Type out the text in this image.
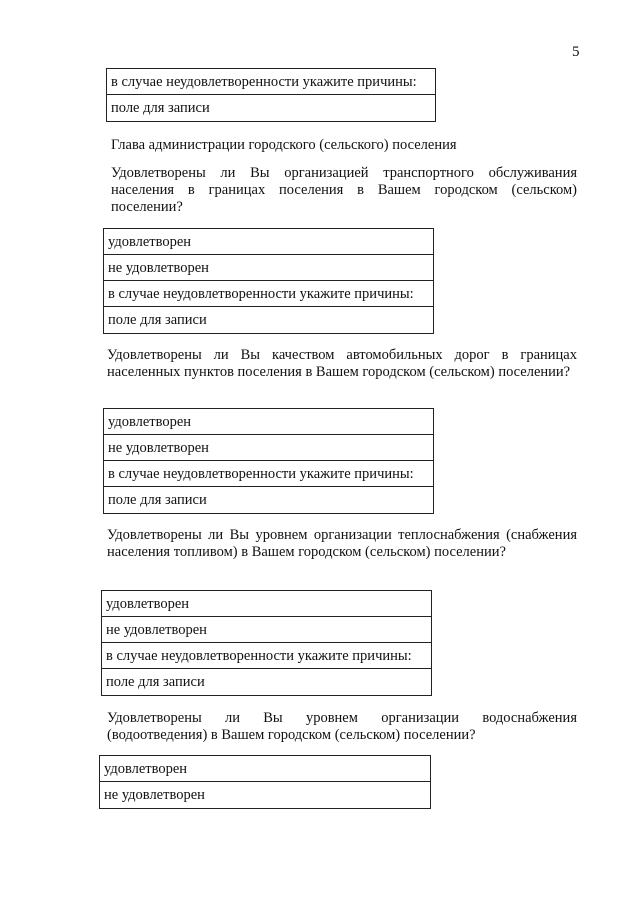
5
в случае неудовлетворенности укажите причины:
поле для записи
Глава администрации городского (сельского) поселения
Удовлетворены ли Вы организацией транспортного обслуживания населения в границах поселения в Вашем городском (сельском) поселении?
удовлетворен
не удовлетворен
в случае неудовлетворенности укажите причины:
поле для записи
Удовлетворены ли Вы качеством автомобильных дорог в границах населенных пунктов поселения в Вашем городском (сельском) поселении?
удовлетворен
не удовлетворен
в случае неудовлетворенности укажите причины:
поле для записи
Удовлетворены ли Вы уровнем организации теплоснабжения (снабжения населения топливом) в Вашем городском (сельском) поселении?
удовлетворен
не удовлетворен
в случае неудовлетворенности укажите причины:
поле для записи
Удовлетворены ли Вы уровнем организации водоснабжения (водоотведения) в Вашем городском (сельском) поселении?
удовлетворен
не удовлетворен
